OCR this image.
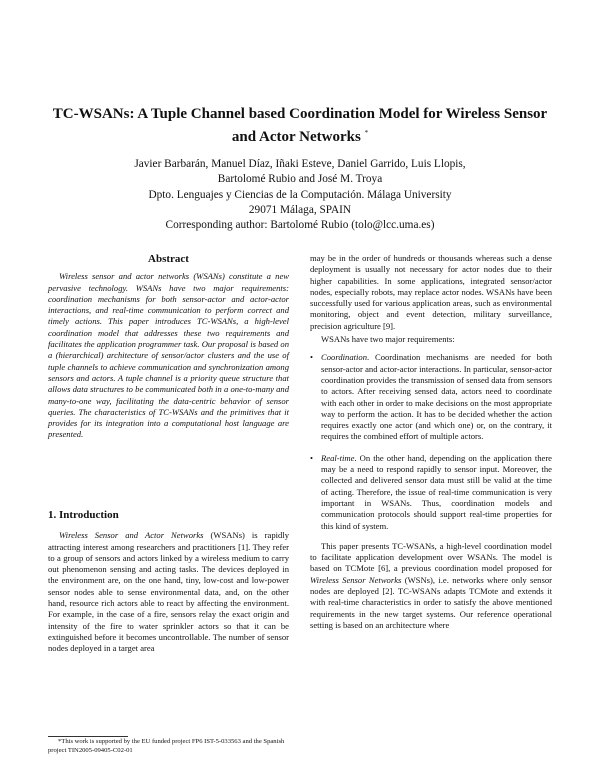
TC-WSANs: A Tuple Channel based Coordination Model for Wireless Sensor
and Actor Networks *
Javier Barbarán, Manuel Díaz, Iñaki Esteve, Daniel Garrido, Luis Llopis,
Bartolomé Rubio and José M. Troya
Dpto. Lenguajes y Ciencias de la Computación. Málaga University
29071 Málaga, SPAIN
Corresponding author: Bartolomé Rubio (tolo@lcc.uma.es)
Abstract

Wireless sensor and actor networks (WSANs) constitute a new pervasive technology. WSANs have two major requirements: coordination mechanisms for both sensor-actor and actor-actor interactions, and real-time communication to perform correct and timely actions. This paper introduces TC-WSANs, a high-level coordination model that addresses these two requirements and facilitates the application programmer task. Our proposal is based on a (hierarchical) architecture of sensor/actor clusters and the use of tuple channels to achieve communication and synchronization among sensors and actors. A tuple channel is a priority queue structure that allows data structures to be communicated both in a one-to-many and many-to-one way, facilitating the data-centric behavior of sensor queries. The characteristics of TC-WSANs and the primitives that it provides for its integration into a computational host language are presented.

1. Introduction

Wireless Sensor and Actor Networks (WSANs) is rapidly attracting interest among researchers and practitioners [1]. They refer to a group of sensors and actors linked by a wireless medium to carry out phenomenon sensing and acting tasks. The devices deployed in the environment are, on the one hand, tiny, low-cost and low-power sensor nodes able to sense environmental data, and, on the other hand, resource rich actors able to react by affecting the environment. For example, in the case of a fire, sensors relay the exact origin and intensity of the fire to water sprinkler actors so that it can be extinguished before it becomes uncontrollable. The number of sensor nodes deployed in a target area

*This work is supported by the EU funded project FP6 IST-5-033563 and the Spanish project TIN2005-09405-C02-01

may be in the order of hundreds or thousands whereas such a dense deployment is usually not necessary for actor nodes due to their higher capabilities. In some applications, integrated sensor/actor nodes, especially robots, may replace actor nodes. WSANs have been successfully used for various application areas, such as environmental monitoring, object and event detection, military surveillance, precision agriculture [9].

WSANs have two major requirements:

• Coordination. Coordination mechanisms are needed for both sensor-actor and actor-actor interactions. In particular, sensor-actor coordination provides the transmission of sensed data from sensors to actors. After receiving sensed data, actors need to coordinate with each other in order to make decisions on the most appropriate way to perform the action. It has to be decided whether the action requires exactly one actor (and which one) or, on the contrary, it requires the combined effort of multiple actors.

• Real-time. On the other hand, depending on the application there may be a need to respond rapidly to sensor input. Moreover, the collected and delivered sensor data must still be valid at the time of acting. Therefore, the issue of real-time communication is very important in WSANs. Thus, coordination models and communication protocols should support real-time properties for this kind of system.

This paper presents TC-WSANs, a high-level coordination model to facilitate application development over WSANs. The model is based on TCMote [6], a previous coordination model proposed for Wireless Sensor Networks (WSNs), i.e. networks where only sensor nodes are deployed [2]. TC-WSANs adapts TCMote and extends it with real-time characteristics in order to satisfy the above mentioned requirements in the new target systems. Our reference operational setting is based on an architecture where
